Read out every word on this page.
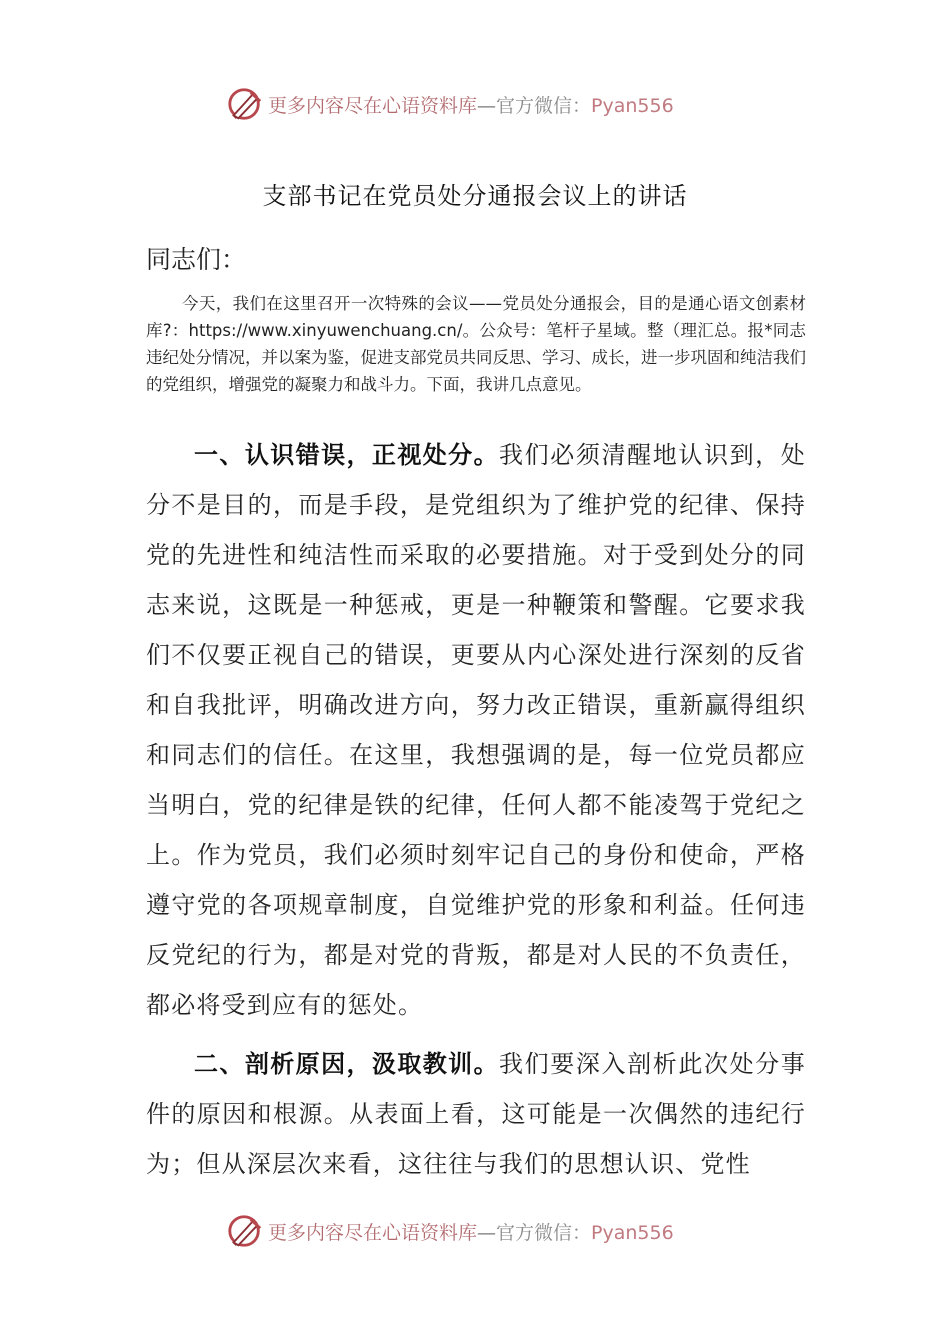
更多内容尽在心语资料库—官方微信：Pyan556
支部书记在党员处分通报会议上的讲话
同志们：
今天，我们在这里召开一次特殊的会议——党员处分通报会，目的是通心语文创素材库?：https://www.xinyuwenchuang.cn/。公众号：笔杆子星域。整（理汇总。报*同志违纪处分情况，并以案为鉴，促进支部党员共同反思、学习、成长，进一步巩固和纯洁我们的党组织，增强党的凝聚力和战斗力。下面，我讲几点意见。
一、认识错误，正视处分。我们必须清醒地认识到，处分不是目的，而是手段，是党组织为了维护党的纪律、保持党的先进性和纯洁性而采取的必要措施。对于受到处分的同志来说，这既是一种惩戒，更是一种鞭策和警醒。它要求我们不仅要正视自己的错误，更要从内心深处进行深刻的反省和自我批评，明确改进方向，努力改正错误，重新赢得组织和同志们的信任。在这里，我想强调的是，每一位党员都应当明白，党的纪律是铁的纪律，任何人都不能凌驾于党纪之上。作为党员，我们必须时刻牢记自己的身份和使命，严格遵守党的各项规章制度，自觉维护党的形象和利益。任何违反党纪的行为，都是对党的背叛，都是对人民的不负责任，都必将受到应有的惩处。
二、剖析原因，汲取教训。我们要深入剖析此次处分事件的原因和根源。从表面上看，这可能是一次偶然的违纪行为；但从深层次来看，这往往与我们的思想认识、党性
更多内容尽在心语资料库—官方微信：Pyan556
